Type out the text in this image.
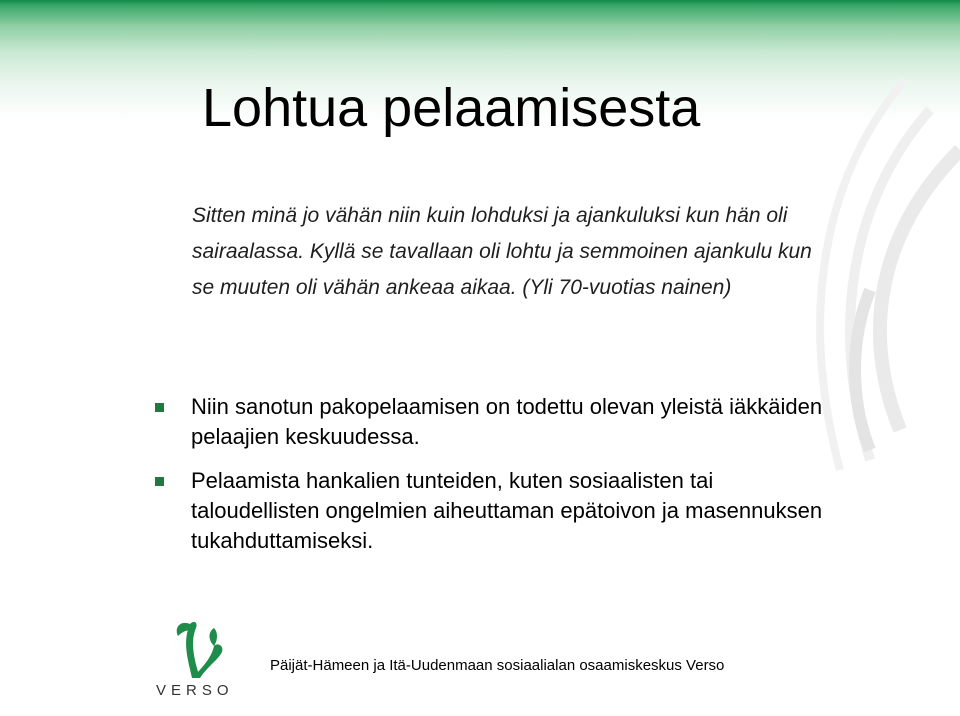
Lohtua pelaamisesta

Sitten minä jo vähän niin kuin lohduksi ja ajankuluksi kun hän oli sairaalassa. Kyllä se tavallaan oli lohtu ja semmoinen ajankulu kun se muuten oli vähän ankeaa aikaa. (Yli 70-vuotias nainen)

Niin sanotun pakopelaamisen on todettu olevan yleistä iäkkäiden pelaajien keskuudessa.
Pelaamista hankalien tunteiden, kuten sosiaalisten tai taloudellisten ongelmien aiheuttaman epätoivon ja masennuksen tukahduttamiseksi.
VERSO
Päijät-Hämeen ja Itä-Uudenmaan sosiaalialan osaamiskeskus Verso
